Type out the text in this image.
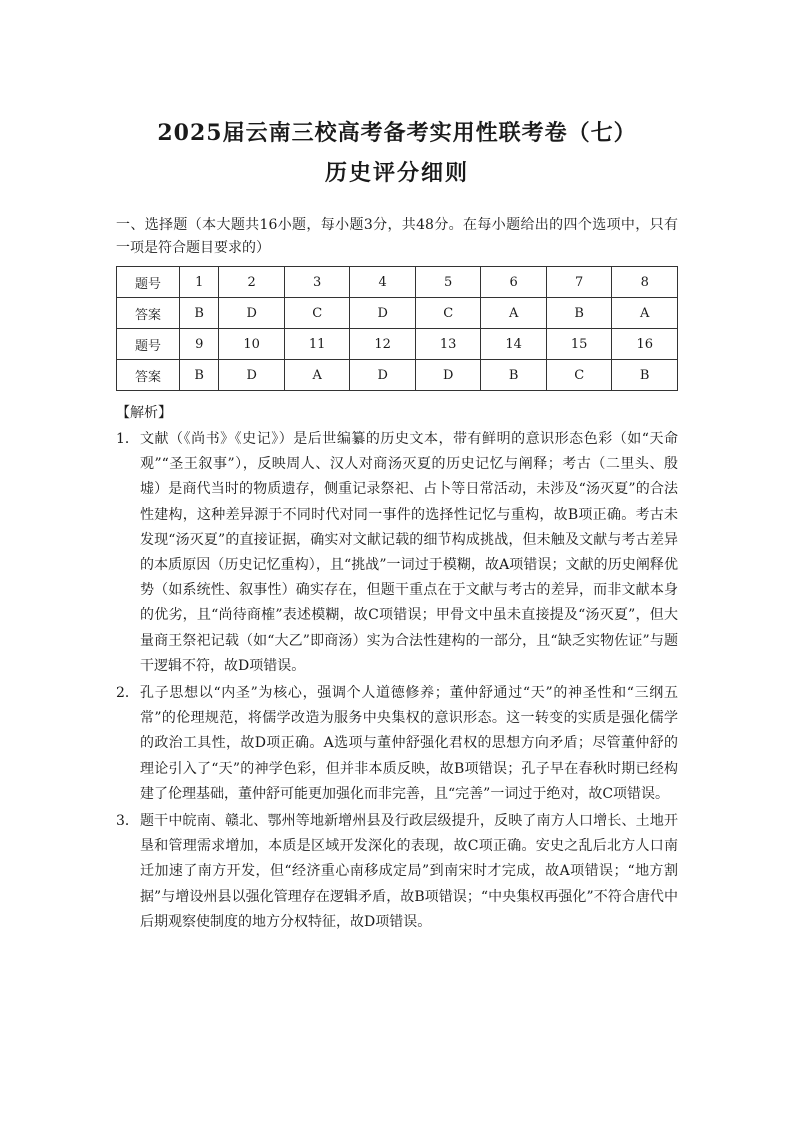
2025届云南三校高考备考实用性联考卷（七）
历史评分细则
一、选择题（本大题共16小题，每小题3分，共48分。在每小题给出的四个选项中，只有一项是符合题目要求的）
题号	1	2	3	4	5	6	7	8
答案	B	D	C	D	C	A	B	A
题号	9	10	11	12	13	14	15	16
答案	B	D	A	D	D	B	C	B
【解析】
1． 文献（《尚书》《史记》）是后世编纂的历史文本，带有鲜明的意识形态色彩（如“天命观”“圣王叙事”），反映周人、汉人对商汤灭夏的历史记忆与阐释；考古（二里头、殷墟）是商代当时的物质遗存，侧重记录祭祀、占卜等日常活动，未涉及“汤灭夏”的合法性建构，这种差异源于不同时代对同一事件的选择性记忆与重构，故B项正确。考古未发现“汤灭夏”的直接证据，确实对文献记载的细节构成挑战，但未触及文献与考古差异的本质原因（历史记忆重构），且“挑战”一词过于模糊，故A项错误；文献的历史阐释优势（如系统性、叙事性）确实存在，但题干重点在于文献与考古的差异，而非文献本身的优劣，且“尚待商榷”表述模糊，故C项错误；甲骨文中虽未直接提及“汤灭夏”，但大量商王祭祀记载（如“大乙”即商汤）实为合法性建构的一部分，且“缺乏实物佐证”与题干逻辑不符，故D项错误。
2． 孔子思想以“内圣”为核心，强调个人道德修养；董仲舒通过“天”的神圣性和“三纲五常”的伦理规范，将儒学改造为服务中央集权的意识形态。这一转变的实质是强化儒学的政治工具性，故D项正确。A选项与董仲舒强化君权的思想方向矛盾；尽管董仲舒的理论引入了“天”的神学色彩，但并非本质反映，故B项错误；孔子早在春秋时期已经构建了伦理基础，董仲舒可能更加强化而非完善，且“完善”一词过于绝对，故C项错误。
3． 题干中皖南、赣北、鄂州等地新增州县及行政层级提升，反映了南方人口增长、土地开垦和管理需求增加，本质是区域开发深化的表现，故C项正确。安史之乱后北方人口南迁加速了南方开发，但“经济重心南移成定局”到南宋时才完成，故A项错误；“地方割据”与增设州县以强化管理存在逻辑矛盾，故B项错误；“中央集权再强化”不符合唐代中后期观察使制度的地方分权特征，故D项错误。
